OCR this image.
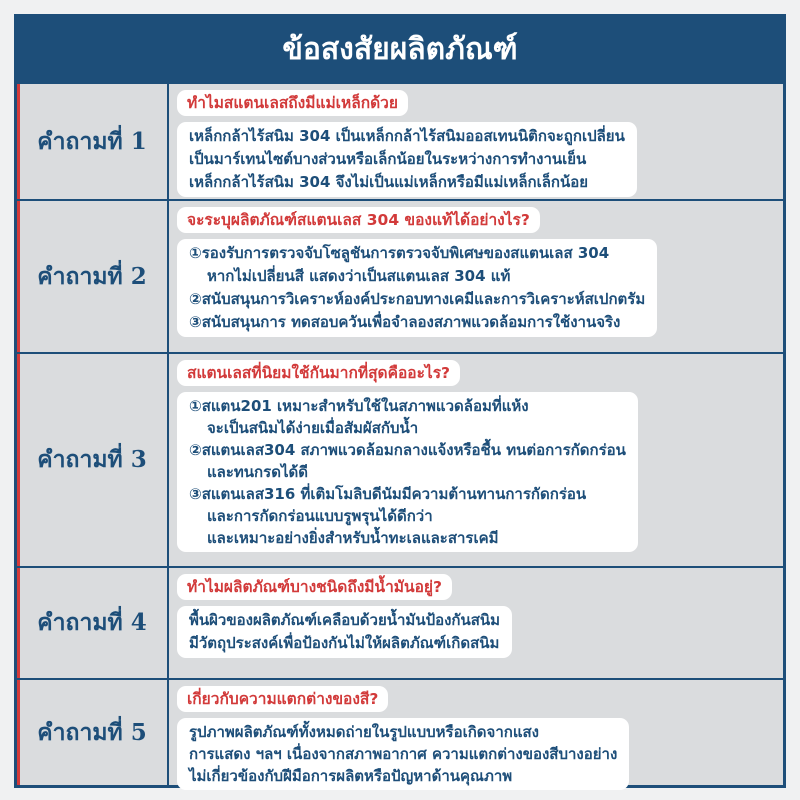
ข้อสงสัยผลิตภัณฑ์
คำถามที่ 1
ทำไมสแตนเลสถึงมีแม่เหล็กด้วย
เหล็กกล้าไร้สนิม 304 เป็นเหล็กกล้าไร้สนิมออสเทนนิติกจะถูกเปลี่ยน
เป็นมาร์เทนไซต์บางส่วนหรือเล็กน้อยในระหว่างการทำงานเย็น
เหล็กกล้าไร้สนิม 304 จึงไม่เป็นแม่เหล็กหรือมีแม่เหล็กเล็กน้อย
คำถามที่ 2
จะระบุผลิตภัณฑ์สแตนเลส 304 ของแท้ได้อย่างไร?
①รองรับการตรวจจับโซลูชันการตรวจจับพิเศษของสแตนเลส 304
หากไม่เปลี่ยนสี แสดงว่าเป็นสแตนเลส 304 แท้
②สนับสนุนการวิเคราะห์องค์ประกอบทางเคมีและการวิเคราะห์สเปกตรัม
③สนับสนุนการ ทดสอบควันเพื่อจำลองสภาพแวดล้อมการใช้งานจริง
คำถามที่ 3
สแตนเลสที่นิยมใช้กันมากที่สุดคืออะไร?
①สแตน201 เหมาะสำหรับใช้ในสภาพแวดล้อมที่แห้ง
จะเป็นสนิมได้ง่ายเมื่อสัมผัสกับน้ำ
②สแตนเลส304 สภาพแวดล้อมกลางแจ้งหรือชื้น ทนต่อการกัดกร่อน
และทนกรดได้ดี
③สแตนเลส316 ที่เติมโมลิบดีนัมมีความต้านทานการกัดกร่อน
และการกัดกร่อนแบบรูพรุนได้ดีกว่า
และเหมาะอย่างยิ่งสำหรับน้ำทะเลและสารเคมี
คำถามที่ 4
ทำไมผลิตภัณฑ์บางชนิดถึงมีน้ำมันอยู่?
พื้นผิวของผลิตภัณฑ์เคลือบด้วยน้ำมันป้องกันสนิม
มีวัตถุประสงค์เพื่อป้องกันไม่ให้ผลิตภัณฑ์เกิดสนิม
คำถามที่ 5
เกี่ยวกับความแตกต่างของสี?
รูปภาพผลิตภัณฑ์ทั้งหมดถ่ายในรูปแบบหรือเกิดจากแสง
การแสดง ฯลฯ เนื่องจากสภาพอากาศ ความแตกต่างของสีบางอย่าง
ไม่เกี่ยวข้องกับฝีมือการผลิตหรือปัญหาด้านคุณภาพ
